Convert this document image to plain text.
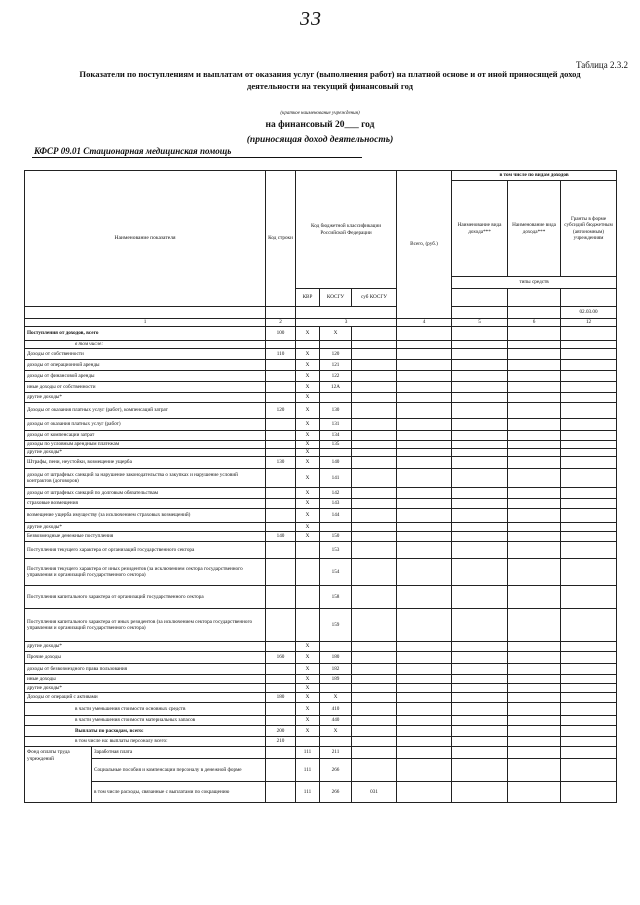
33
Таблица 2.3.2
Показатели по поступлениям и выплатам от оказания услуг (выполнения работ) на платной основе и от иной приносящей доход
деятельности на текущий финансовый год
(краткое наименование учреждения)
на финансовый 20___ год
(приносящая доход деятельность)
КФСР 09.01 Стационарная медицинская помощь
Наименование показателя		Код строки	Код бюджетной классификации Российской Федерации			Всего, (руб.)	в том числе по видам доходов		
							Наименование вида дохода***	Наименование вида дохода***	Гранты в форме субсидий бюджетным (автономным) учреждениям
							типы средств		
			КВР	КОСГУ	суб КОСГУ				
									02.03.00
1		2	3			4	5	6	12
Поступления от доходов, всего		100	X	X					
в том числе:									
Доходы от собственности		110	X	120					
доходы от операционной аренды			X	121					
доходы от финансовой аренды			X	122					
иные доходы от собственности			X	12А					
другие доходы*			X						
Доходы от оказания платных услуг (работ), компенсаций затрат		120	X	130					
доходы от оказания платных услуг (работ)			X	131					
доходы от компенсации затрат			X	134					
доходы по условным арендным платежам			X	135					
другие доходы*			X						
Штрафы, пени, неустойки, возмещение ущерба		130	X	140					
доходы от штрафных санкций за нарушение законодательства о закупках и нарушение условий контрактов (договоров)			X	141					
доходы от штрафных санкций по долговым обязательствам			X	142					
страховые возмещения			X	143					
возмещение ущерба имуществу (за исключением страховых возмещений)			X	144					
другие доходы*			X						
Безвозмездные денежные поступления		140	X	150					
Поступления текущего характера от организаций государственного сектора				153					
Поступления текущего характера от иных резидентов (за исключением сектора государственного управления и организаций государственного сектора)				154					
Поступления капитального характера от организаций государственного сектора				158					
Поступления капитального характера от иных резидентов (за исключением сектора государственного управления и организаций государственного сектора)				159					
другие доходы*			X						
Прочие доходы		160	X	180					
доходы от безвозмездного права пользования			X	182					
иные доходы			X	189					
другие доходы*			X						
Доходы от операций с активами		180	X	X					
в части уменьшения стоимости основных средств			X	410					
в части уменьшения стоимости материальных запасов			X	440					
Выплаты по расходам, всего:		200	X	X					
в том числе на: выплаты персоналу всего:		210							
Фонд оплаты труда учреждений	Заработная плата		111	211					
	Социальные пособия и компенсации персоналу в денежной форме		111	266					
	в том числе расходы, связанные с выплатами по сокращению		111	266	031				
